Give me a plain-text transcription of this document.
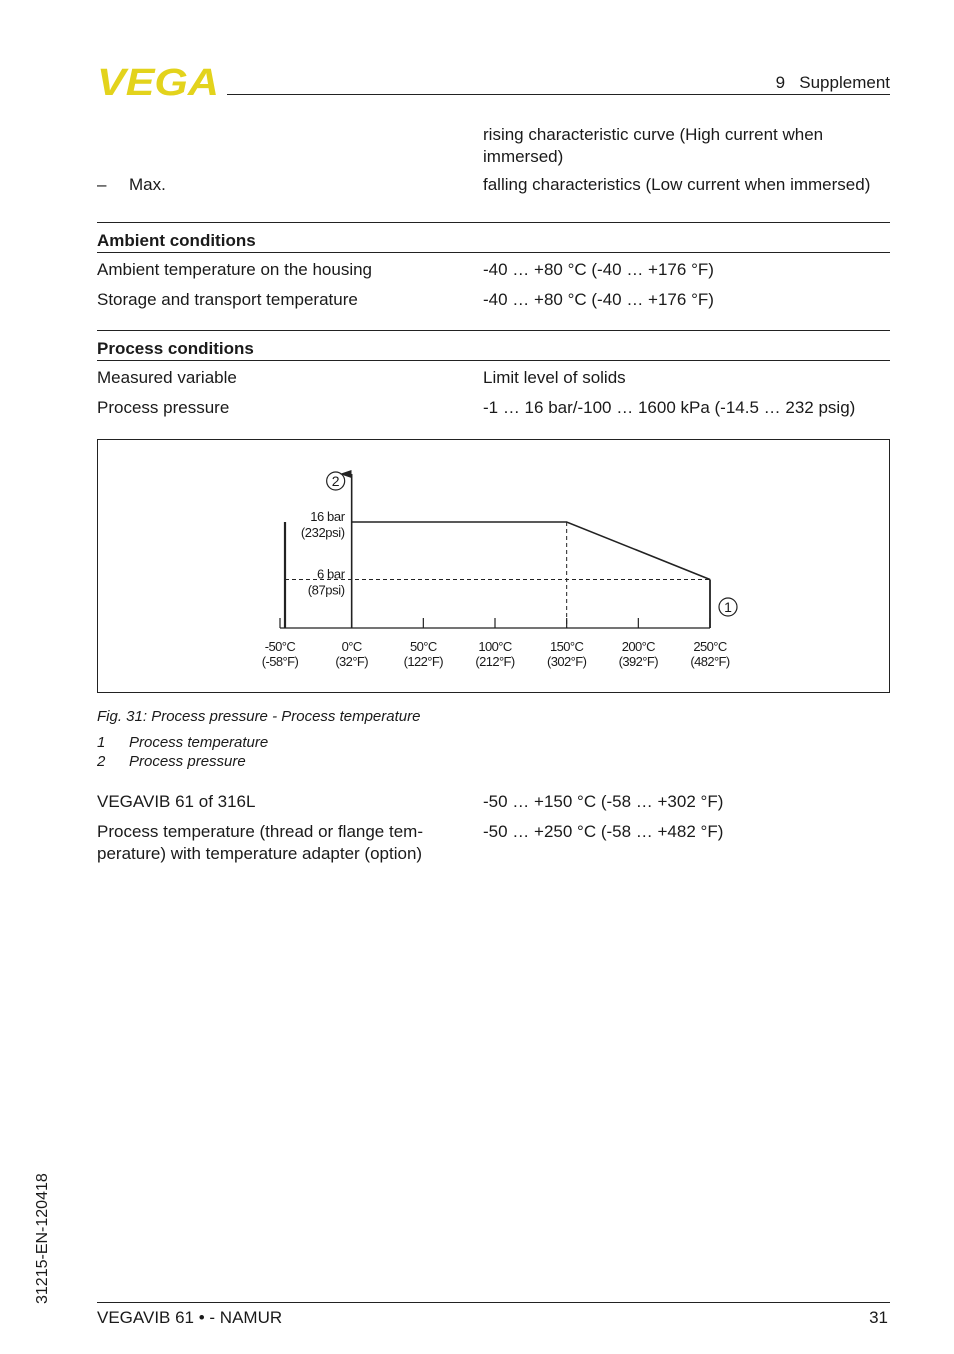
VEGA	9   Supplement
rising characteristic curve (High current when immersed)
– Max.	falling characteristics (Low current when immersed)
Ambient conditions
Ambient temperature on the housing	-40 … +80 °C (-40 … +176 °F)
Storage and transport temperature	-40 … +80 °C (-40 … +176 °F)
Process conditions
Measured variable	Limit level of solids
Process pressure	-1 … 16 bar/-100 … 1600 kPa (-14.5 … 232 psig)
-50°C
(-58°F)
0°C
(32°F)
50°C
(122°F)
100°C
(212°F)
150°C
(302°F)
200°C
(392°F)
250°C
(482°F)
16 bar
(232psi)
6 bar
(87psi)
2
1
Fig. 31: Process pressure - Process temperature
1 Process temperature
2 Process pressure
VEGAVIB 61 of 316L	-50 … +150 °C (-58 … +302 °F)
Process temperature (thread or flange tem-
perature) with temperature adapter (option)
-50 … +250 °C (-58 … +482 °F)
31215-EN-120418
VEGAVIB 61 • - NAMUR	31
